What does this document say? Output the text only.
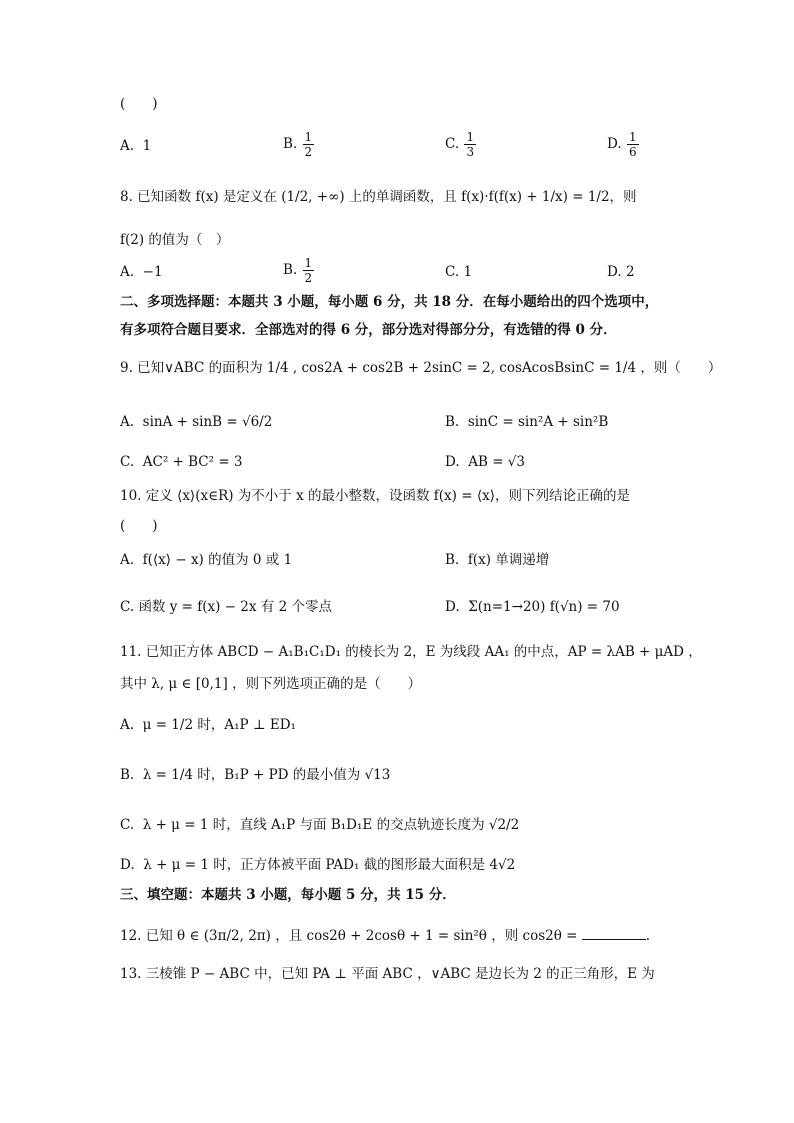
(　　)
A. 1	B. $\frac{1}{2}$	C. $\frac{1}{3}$	D. $\frac{1}{6}$
8. 已知函数 f(x) 是定义在 (1/2, +∞) 上的单调函数，且 f(x)·f(f(x) + 1/x) = 1/2，则
f(2) 的值为（　）
A. −1	B. $\frac{1}{2}$	C. 1	D. 2
二、多项选择题：本题共 3 小题，每小题 6 分，共 18 分．在每小题给出的四个选项中，
有多项符合题目要求．全部选对的得 6 分，部分选对得部分分，有选错的得 0 分．
9. 已知∨ABC 的面积为 1/4 , cos2A + cos2B + 2sinC = 2, cosAcosBsinC = 1/4 ，则（　　）
A. sinA + sinB = √6/2	B. sinC = sin²A + sin²B
C. AC² + BC² = 3	D. AB = √3
10. 定义 ⟨x⟩(x∈R) 为不小于 x 的最小整数，设函数 f(x) = ⟨x⟩，则下列结论正确的是
(　　)
A. f(⟨x⟩ − x) 的值为 0 或 1	B. f(x) 单调递增
C. 函数 y = f(x) − 2x 有 2 个零点	D. Σ(n=1→20) f(√n) = 70
11. 已知正方体 ABCD − A₁B₁C₁D₁ 的棱长为 2，E 为线段 AA₁ 的中点，AP = λAB + μAD ，
其中 λ, μ ∈ [0,1] ，则下列选项正确的是（　　）
A. μ = 1/2 时，A₁P ⊥ ED₁
B. λ = 1/4 时，B₁P + PD 的最小值为 √13
C. λ + μ = 1 时，直线 A₁P 与面 B₁D₁E 的交点轨迹长度为 √2/2
D. λ + μ = 1 时，正方体被平面 PAD₁ 截的图形最大面积是 4√2
三、填空题：本题共 3 小题，每小题 5 分，共 15 分．
12. 已知 θ ∈ (3π/2, 2π) ，且 cos2θ + 2cosθ + 1 = sin²θ ，则 cos2θ =	.
13. 三棱锥 P − ABC 中，已知 PA ⊥ 平面 ABC ，∨ABC 是边长为 2 的正三角形，E 为
